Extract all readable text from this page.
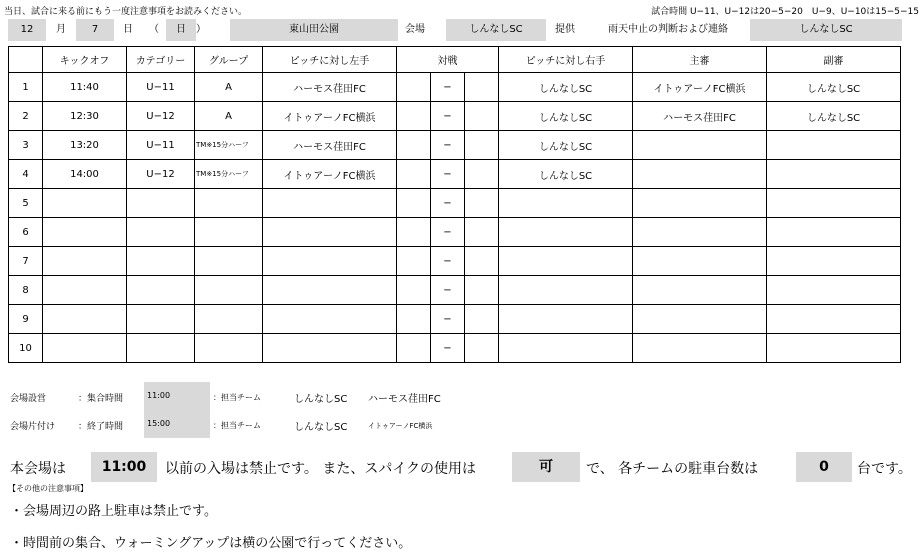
当日、試合に来る前にもう一度注意事項をお読みください。	試合時間 U−11、U−12は20−5−20　U−9、U−10は15−5−15
12	月	7	日	（	日	）	東山田公園	会場	しんなしSC	提供	雨天中止の判断および連絡	しんなしSC
	キックオフ	カテゴリー	グループ	ピッチに対し左手	対戦			ピッチに対し右手	主審	副審
1	11:40	U−11	A	ハーモス荏田FC		−		しんなしSC	イトゥアーノFC横浜	しんなしSC
2	12:30	U−12	A	イトゥアーノFC横浜		−		しんなしSC	ハーモス荏田FC	しんなしSC
3	13:20	U−11	TM※15分ハーフ	ハーモス荏田FC		−		しんなしSC		
4	14:00	U−12	TM※15分ハーフ	イトゥアーノFC横浜		−		しんなしSC		
5						−				
6						−				
7						−				
8						−				
9						−				
10						−				
会場設営	：集合時間	11:00	：担当チーム	しんなしSC ハーモス荏田FC
会場片付け	：終了時間	15:00	：担当チーム	しんなしSC	イトゥアーノFC横浜
本会場は	11:00	以前の入場は禁止です。 また、スパイクの使用は	可	で、 各チームの駐車台数は	0	台です。
【その他の注意事項】
・会場周辺の路上駐車は禁止です。
・時間前の集合、ウォーミングアップは横の公園で行ってください。
